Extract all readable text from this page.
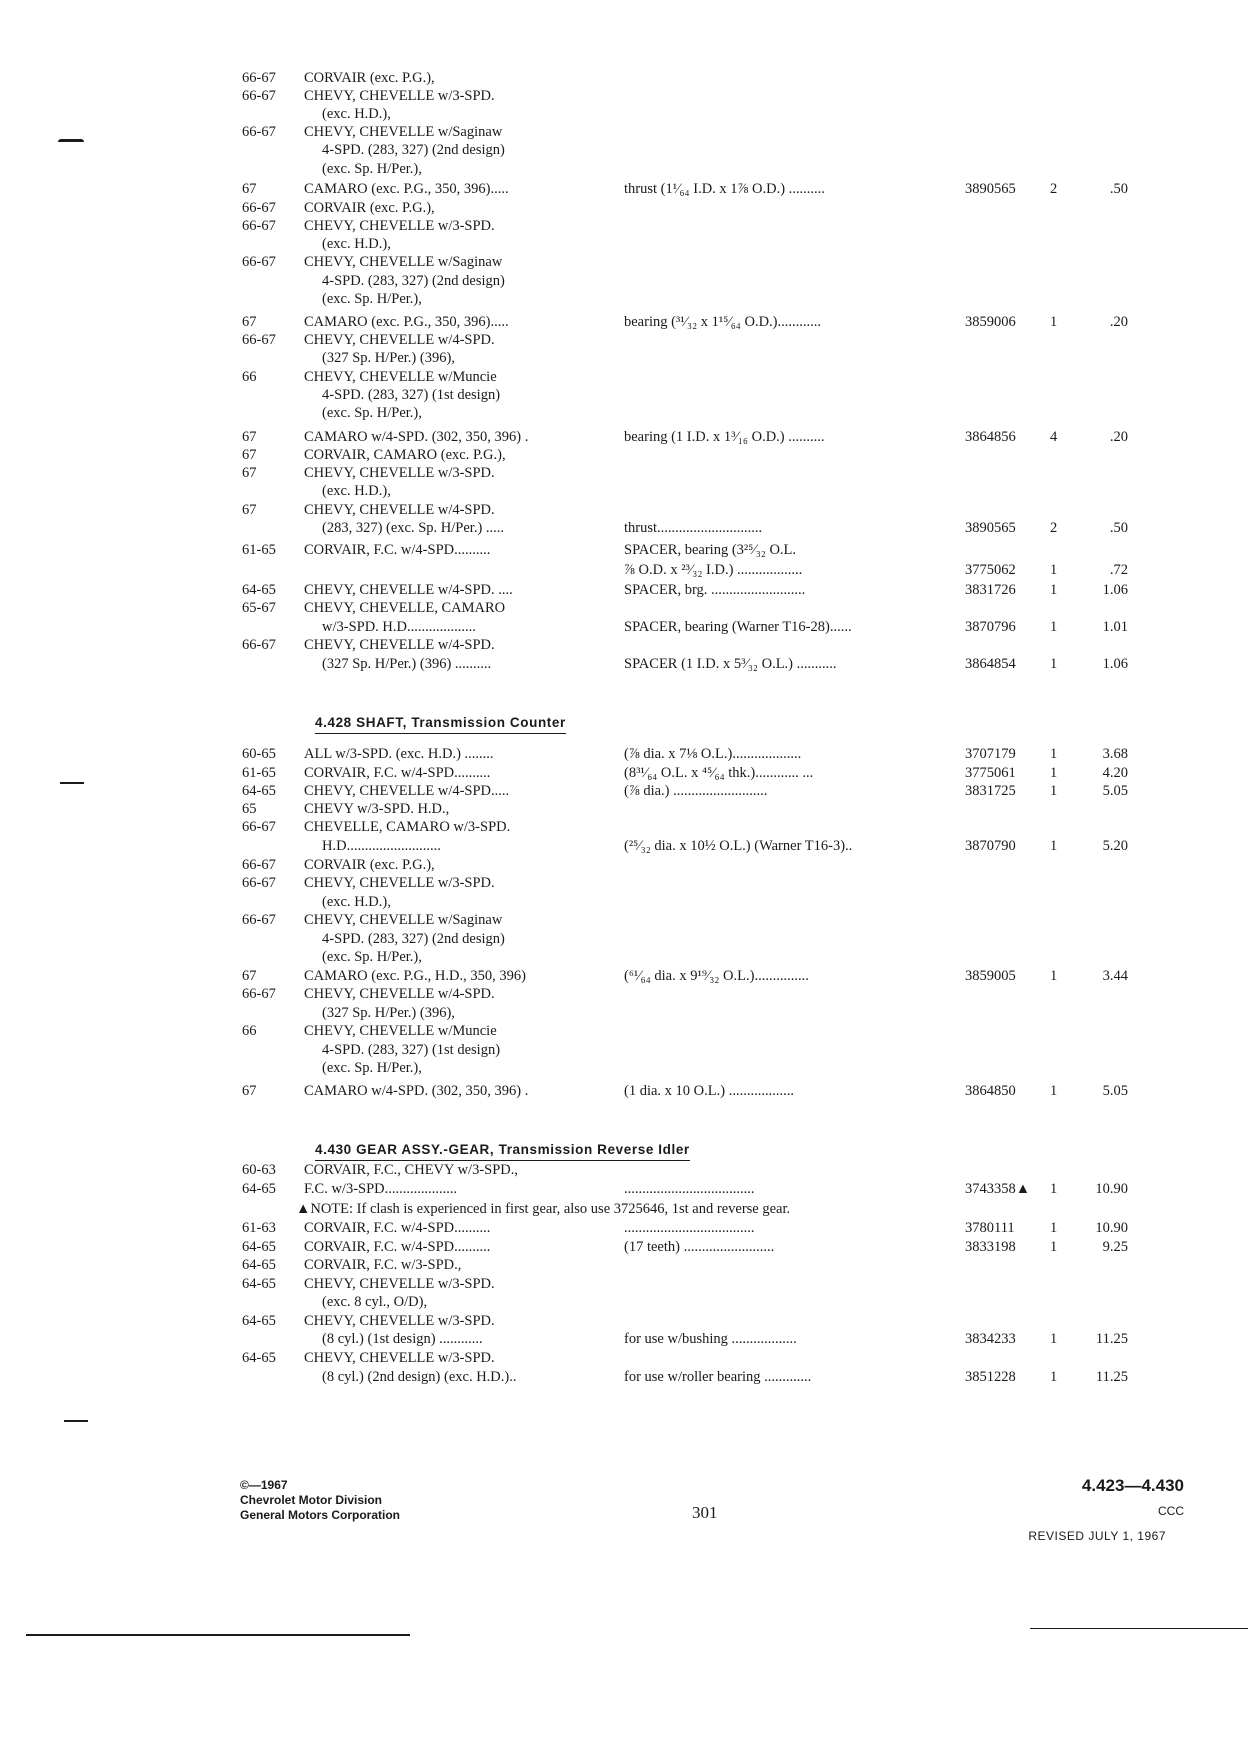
66-67 CORVAIR (exc. P.G.),
66-67 CHEVY, CHEVELLE w/3-SPD.
(exc. H.D.),
66-67 CHEVY, CHEVELLE w/Saginaw
4-SPD. (283, 327) (2nd design)
(exc. Sp. H/Per.),
67	CAMARO (exc. P.G., 350, 396).....	thrust (1¹⁄₆₄ I.D. x 1⅞ O.D.) ..........	3890565 2	.50
66-67 CORVAIR (exc. P.G.),
66-67 CHEVY, CHEVELLE w/3-SPD.
(exc. H.D.),
66-67 CHEVY, CHEVELLE w/Saginaw
4-SPD. (283, 327) (2nd design)
(exc. Sp. H/Per.),
67	CAMARO (exc. P.G., 350, 396).....	bearing (³¹⁄₃₂ x 1¹⁵⁄₆₄ O.D.)............	3859006 1	.20
66-67 CHEVY, CHEVELLE w/4-SPD.
(327 Sp. H/Per.) (396),
66	CHEVY, CHEVELLE w/Muncie
4-SPD. (283, 327) (1st design)
(exc. Sp. H/Per.),
67	CAMARO w/4-SPD. (302, 350, 396) .	bearing (1 I.D. x 1³⁄₁₆ O.D.) ..........	3864856 4	.20
67	CORVAIR, CAMARO (exc. P.G.),
67	CHEVY, CHEVELLE w/3-SPD.
(exc. H.D.),
67	CHEVY, CHEVELLE w/4-SPD.
(283, 327) (exc. Sp. H/Per.) .....	thrust.............................	3890565 2	.50
61-65 CORVAIR, F.C. w/4-SPD..........	SPACER, bearing (3²⁵⁄₃₂ O.L.
⅞ O.D. x ²³⁄₃₂ I.D.) ..................	3775062 1	.72
64-65 CHEVY, CHEVELLE w/4-SPD. ....	SPACER, brg. ..........................	3831726 1	1.06
65-67 CHEVY, CHEVELLE, CAMARO
w/3-SPD. H.D...................	SPACER, bearing (Warner T16-28)......	3870796 1	1.01
66-67 CHEVY, CHEVELLE w/4-SPD.
(327 Sp. H/Per.) (396) ..........	SPACER (1 I.D. x 5³⁄₃₂ O.L.) ...........	3864854 1	1.06
4.428 SHAFT, Transmission Counter
60-65 ALL w/3-SPD. (exc. H.D.) ........	(⅞ dia. x 7⅛ O.L.)...................	3707179 1	3.68
61-65 CORVAIR, F.C. w/4-SPD..........	(8³¹⁄₆₄ O.L. x ⁴⁵⁄₆₄ thk.)............ ...	3775061 1	4.20
64-65 CHEVY, CHEVELLE w/4-SPD.....	(⅞ dia.) ..........................	3831725 1	5.05
65	CHEVY w/3-SPD. H.D.,
66-67 CHEVELLE, CAMARO w/3-SPD.
H.D..........................	(²⁵⁄₃₂ dia. x 10½ O.L.) (Warner T16-3)..	3870790 1	5.20
66-67 CORVAIR (exc. P.G.),
66-67 CHEVY, CHEVELLE w/3-SPD.
(exc. H.D.),
66-67 CHEVY, CHEVELLE w/Saginaw
4-SPD. (283, 327) (2nd design)
(exc. Sp. H/Per.),
67	CAMARO (exc. P.G., H.D., 350, 396)	(⁶¹⁄₆₄ dia. x 9¹⁹⁄₃₂ O.L.)...............	3859005 1	3.44
66-67 CHEVY, CHEVELLE w/4-SPD.
(327 Sp. H/Per.) (396),
66	CHEVY, CHEVELLE w/Muncie
4-SPD. (283, 327) (1st design)
(exc. Sp. H/Per.),
67	CAMARO w/4-SPD. (302, 350, 396) .	(1 dia. x 10 O.L.) ..................	3864850 1	5.05
4.430 GEAR ASSY.-GEAR, Transmission Reverse Idler
60-63 CORVAIR, F.C., CHEVY w/3-SPD.,
64-65 F.C. w/3-SPD....................	....................................	3743358▲ 1	10.90
▲NOTE: If clash is experienced in first gear, also use 3725646, 1st and reverse gear.
61-63 CORVAIR, F.C. w/4-SPD..........	....................................	3780111 1	10.90
64-65 CORVAIR, F.C. w/4-SPD..........	(17 teeth) .........................	3833198 1	9.25
64-65 CORVAIR, F.C. w/3-SPD.,
64-65 CHEVY, CHEVELLE w/3-SPD.
(exc. 8 cyl., O/D),
64-65 CHEVY, CHEVELLE w/3-SPD.
(8 cyl.) (1st design) ............	for use w/bushing ..................	3834233 1	11.25
64-65 CHEVY, CHEVELLE w/3-SPD.
(8 cyl.) (2nd design) (exc. H.D.)..	for use w/roller bearing .............	3851228 1	11.25
©—1967
Chevrolet Motor Division
General Motors Corporation	301
4.423—4.430
CCC
REVISED JULY 1, 1967
